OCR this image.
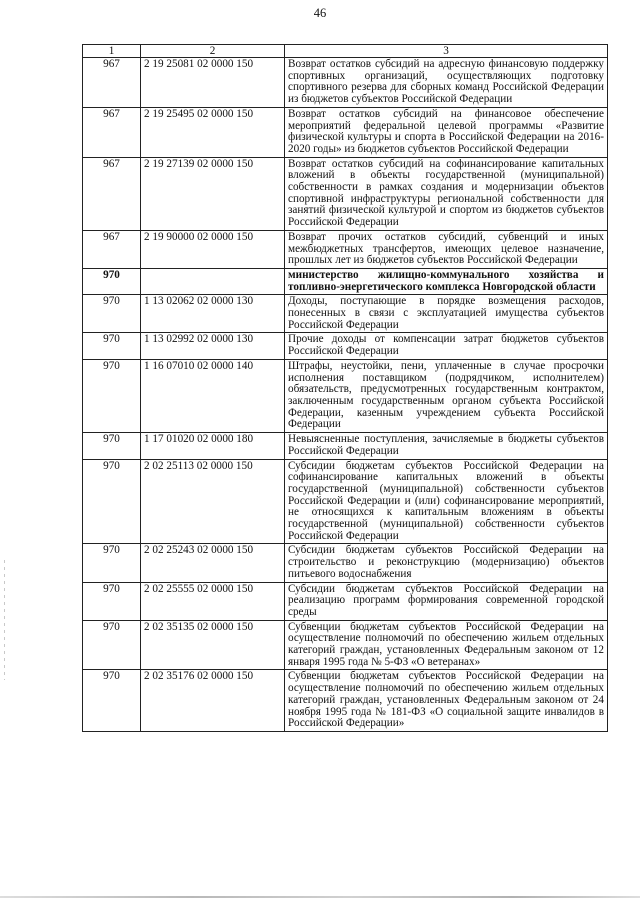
46
1	2	3
967	2 19 25081 02 0000 150	Возврат остатков субсидий на адресную финансовую поддержку спортивных организаций, осуществляющих подготовку спортивного резерва для сборных команд Российской Федерации из бюджетов субъектов Российской Федерации
967	2 19 25495 02 0000 150	Возврат остатков субсидий на финансовое обеспечение мероприятий федеральной целевой программы «Развитие физической культуры и спорта в Российской Федерации на 2016-2020 годы» из бюджетов субъектов Российской Федерации
967	2 19 27139 02 0000 150	Возврат остатков субсидий на софинансирование капитальных вложений в объекты государственной (муниципальной) собственности в рамках создания и модернизации объектов спортивной инфраструктуры региональной собственности для занятий физической культурой и спортом из бюджетов субъектов Российской Федерации
967	2 19 90000 02 0000 150	Возврат прочих остатков субсидий, субвенций и иных межбюджетных трансфертов, имеющих целевое назначение, прошлых лет из бюджетов субъектов Российской Федерации
970		министерство жилищно-коммунального хозяйства и топливно-энергетического комплекса Новгородской области
970	1 13 02062 02 0000 130	Доходы, поступающие в порядке возмещения расходов, понесенных в связи с эксплуатацией имущества субъектов Российской Федерации
970	1 13 02992 02 0000 130	Прочие доходы от компенсации затрат бюджетов субъектов Российской Федерации
970	1 16 07010 02 0000 140	Штрафы, неустойки, пени, уплаченные в случае просрочки исполнения поставщиком (подрядчиком, исполнителем) обязательств, предусмотренных государственным контрактом, заключенным государственным органом субъекта Российской Федерации, казенным учреждением субъекта Российской Федерации
970	1 17 01020 02 0000 180	Невыясненные поступления, зачисляемые в бюджеты субъектов Российской Федерации
970	2 02 25113 02 0000 150	Субсидии бюджетам субъектов Российской Федерации на софинансирование капитальных вложений в объекты государственной (муниципальной) собственности субъектов Российской Федерации и (или) софинансирование мероприятий, не относящихся к капитальным вложениям в объекты государственной (муниципальной) собственности субъектов Российской Федерации
970	2 02 25243 02 0000 150	Субсидии бюджетам субъектов Российской Федерации на строительство и реконструкцию (модернизацию) объектов питьевого водоснабжения
970	2 02 25555 02 0000 150	Субсидии бюджетам субъектов Российской Федерации на реализацию программ формирования современной городской среды
970	2 02 35135 02 0000 150	Субвенции бюджетам субъектов Российской Федерации на осуществление полномочий по обеспечению жильем отдельных категорий граждан, установленных Федеральным законом от 12 января 1995 года № 5-ФЗ «О ветеранах»
970	2 02 35176 02 0000 150	Субвенции бюджетам субъектов Российской Федерации на осуществление полномочий по обеспечению жильем отдельных категорий граждан, установленных Федеральным законом от 24 ноября 1995 года № 181-ФЗ «О социальной защите инвалидов в Российской Федерации»
